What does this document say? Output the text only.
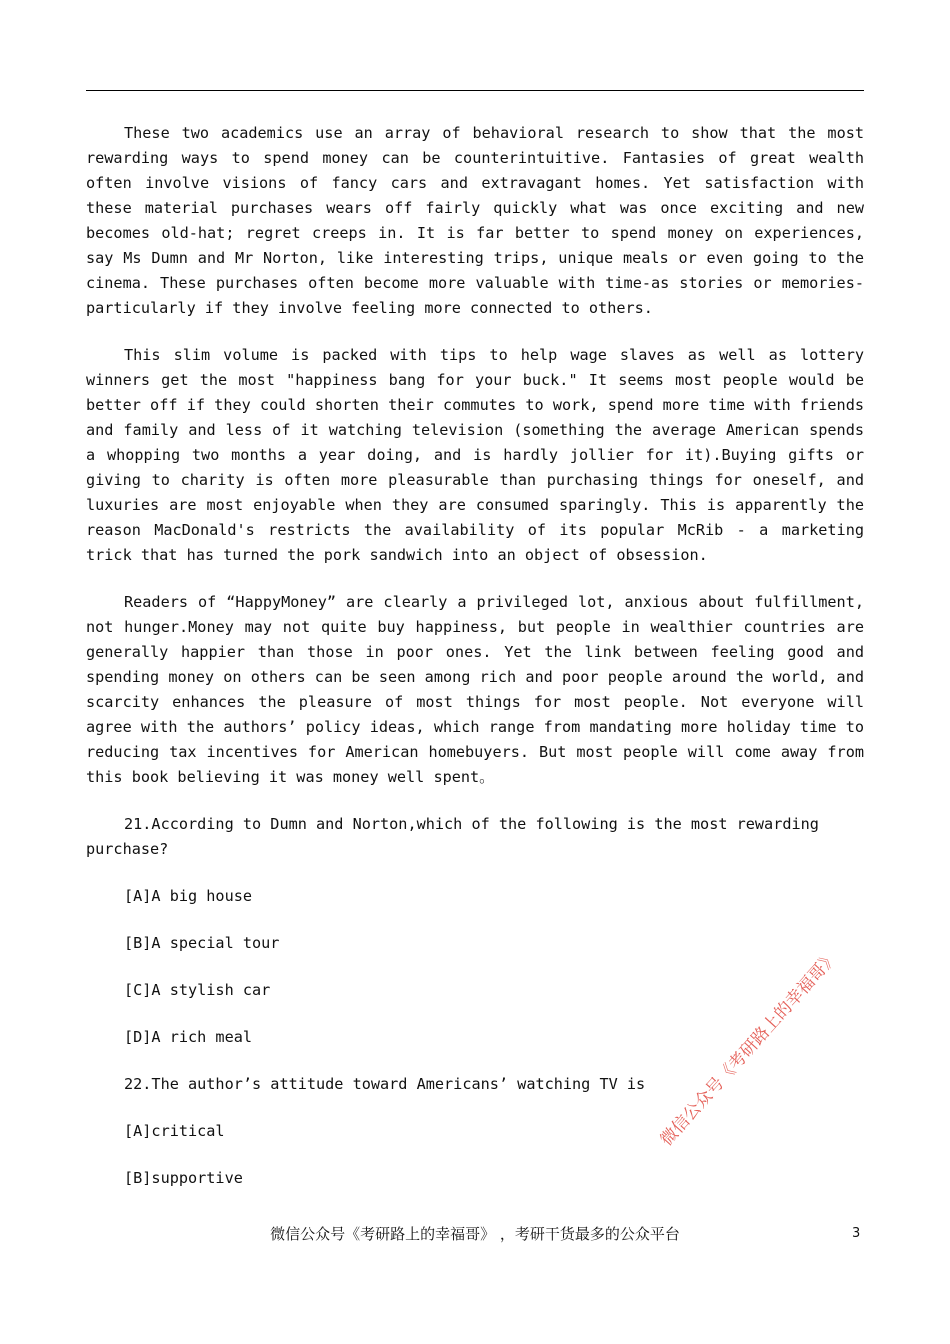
These two academics use an array of behavioral research to show that the most rewarding ways to spend money can be counterintuitive. Fantasies of great wealth often involve visions of fancy cars and extravagant homes. Yet satisfaction with these material purchases wears off fairly quickly what was once exciting and new becomes old-hat; regret creeps in. It is far better to spend money on experiences, say Ms Dumn and Mr Norton, like interesting trips, unique meals or even going to the cinema. These purchases often become more valuable with time-as stories or memories-particularly if they involve feeling more connected to others.

This slim volume is packed with tips to help wage slaves as well as lottery winners get the most "happiness bang for your buck." It seems most people would be better off if they could shorten their commutes to work, spend more time with friends and family and less of it watching television (something the average American spends a whopping two months a year doing, and is hardly jollier for it).Buying gifts or giving to charity is often more pleasurable than purchasing things for oneself, and luxuries are most enjoyable when they are consumed sparingly. This is apparently the reason MacDonald's restricts the availability of its popular McRib - a marketing trick that has turned the pork sandwich into an object of obsession.

Readers of “HappyMoney” are clearly a privileged lot, anxious about fulfillment, not hunger.Money may not quite buy happiness, but people in wealthier countries are generally happier than those in poor ones. Yet the link between feeling good and spending money on others can be seen among rich and poor people around the world, and scarcity enhances the pleasure of most things for most people. Not everyone will agree with the authors’ policy ideas, which range from mandating more holiday time to reducing tax incentives for American homebuyers. But most people will come away from this book believing it was money well spent。

21.According to Dumn and Norton,which of the following is the most rewarding purchase?

[A]A big house

[B]A special tour

[C]A stylish car

[D]A rich meal

22.The author’s attitude toward Americans’ watching TV is

[A]critical

[B]supportive

微信公众号《考研路上的幸福哥》
微信公众号《考研路上的幸福哥》 ，考研干货最多的公众平台	3
